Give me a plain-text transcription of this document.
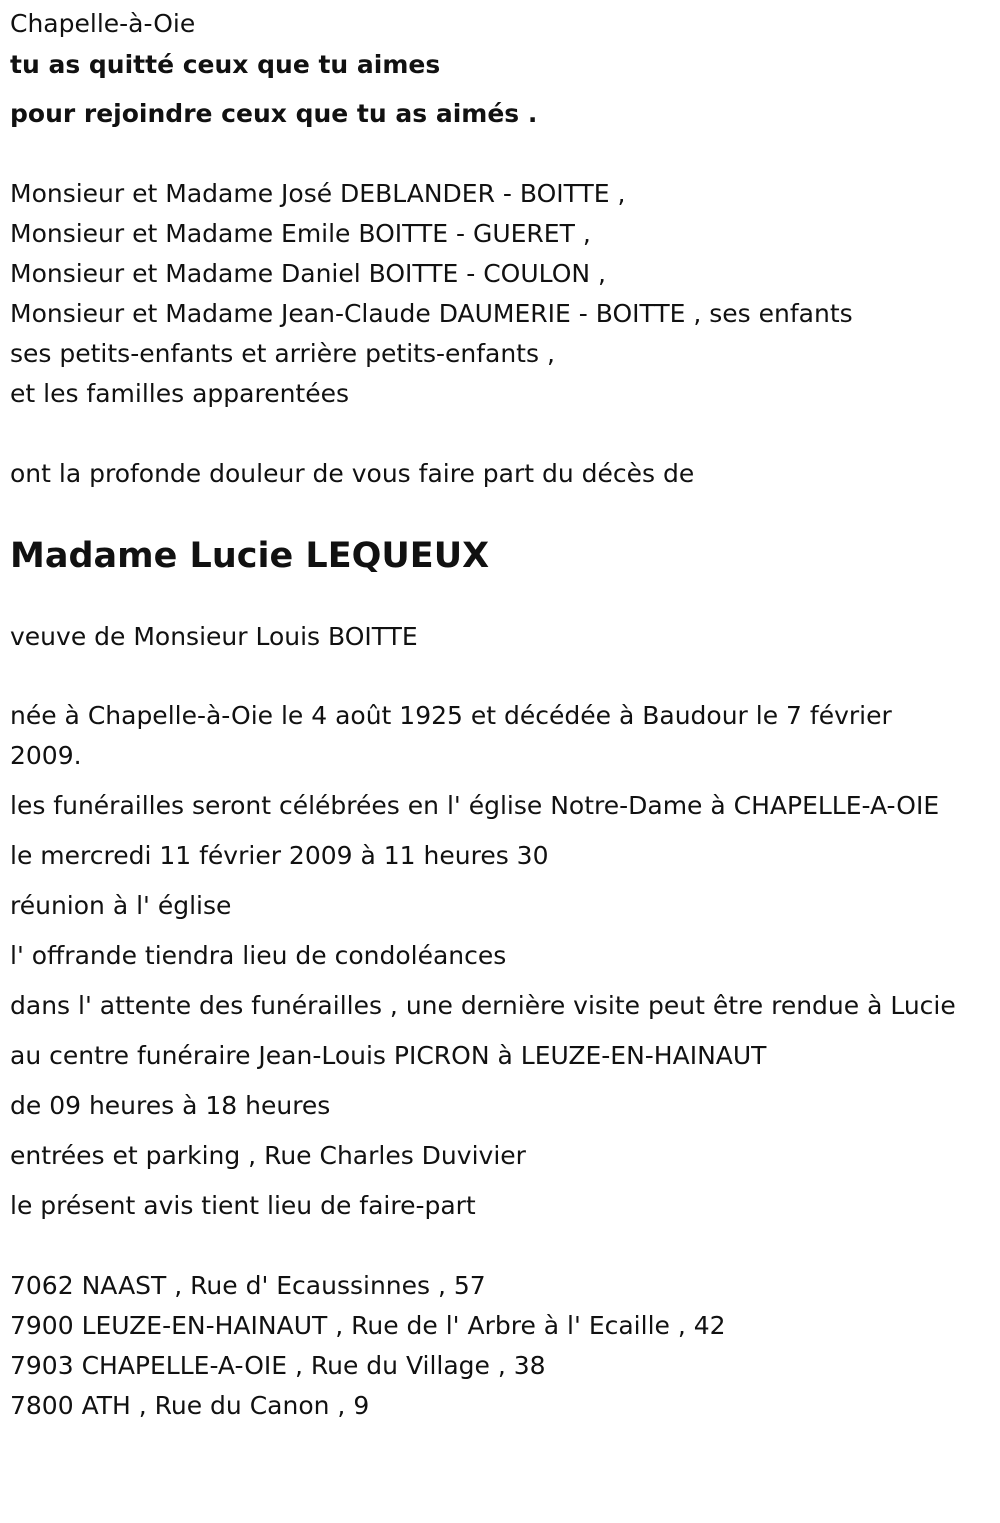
Chapelle-à-Oie
tu as quitté ceux que tu aimes
pour rejoindre ceux que tu as aimés .
Monsieur et Madame José DEBLANDER - BOITTE ,
Monsieur et Madame Emile BOITTE - GUERET ,
Monsieur et Madame Daniel BOITTE - COULON ,
Monsieur et Madame Jean-Claude DAUMERIE - BOITTE , ses enfants
ses petits-enfants et arrière petits-enfants ,
et les familles apparentées
ont la profonde douleur de vous faire part du décès de
Madame Lucie LEQUEUX
veuve de Monsieur Louis BOITTE
née à Chapelle-à-Oie le 4 août 1925 et décédée à Baudour le 7 février 2009.
les funérailles seront célébrées en l' église Notre-Dame à CHAPELLE-A-OIE
le mercredi 11 février 2009 à 11 heures 30
réunion à l' église
l' offrande tiendra lieu de condoléances
dans l' attente des funérailles , une dernière visite peut être rendue à Lucie
au centre funéraire Jean-Louis PICRON à LEUZE-EN-HAINAUT
de 09 heures à 18 heures
entrées et parking , Rue Charles Duvivier
le présent avis tient lieu de faire-part
7062 NAAST , Rue d' Ecaussinnes , 57
7900 LEUZE-EN-HAINAUT , Rue de l' Arbre à l' Ecaille , 42
7903 CHAPELLE-A-OIE , Rue du Village , 38
7800 ATH , Rue du Canon , 9
